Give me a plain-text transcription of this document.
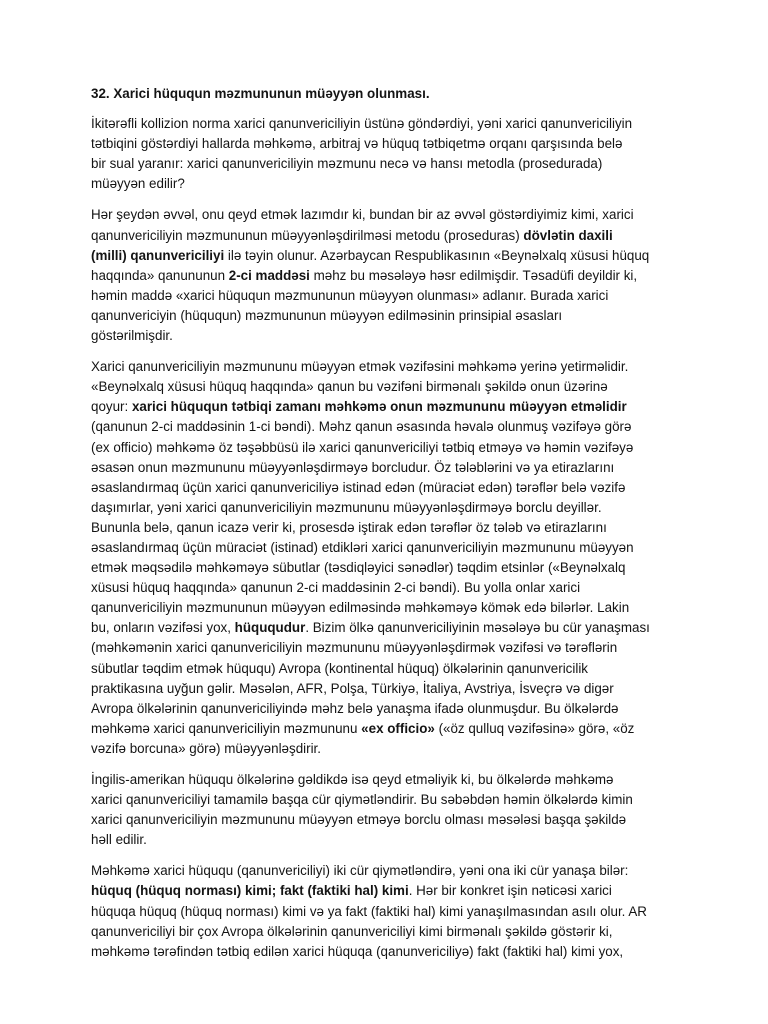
32. Xarici hüququn məzmununun müəyyən olunması.
İkitərəfli kollizion norma xarici qanunvericiliyin üstünə göndərdiyi, yəni xarici qanunvericiliyin
tətbiqini göstərdiyi hallarda məhkəmə, arbitraj və hüquq tətbiqetmə orqanı qarşısında belə
bir sual yaranır: xarici qanunvericiliyin məzmunu necə və hansı metodla (prosedurada)
müəyyən edilir?
Hər şeydən əvvəl, onu qeyd etmək lazımdır ki, bundan bir az əvvəl göstərdiyimiz kimi, xarici
qanunvericiliyin məzmununun müəyyənləşdirilməsi metodu (proseduras) dövlətin daxili
(milli) qanunvericiliyi ilə təyin olunur. Azərbaycan Respublikasının «Beynəlxalq xüsusi hüquq
haqqında» qanununun 2-ci maddəsi məhz bu məsələyə həsr edilmişdir. Təsadüfi deyildir ki,
həmin maddə «xarici hüququn məzmununun müəyyən olunması» adlanır. Burada xarici
qanunvericiyin (hüququn) məzmununun müəyyən edilməsinin prinsipial əsasları
göstərilmişdir.
Xarici qanunvericiliyin məzmununu müəyyən etmək vəzifəsini məhkəmə yerinə yetirməlidir.
«Beynəlxalq xüsusi hüquq haqqında» qanun bu vəzifəni birmənalı şəkildə onun üzərinə
qoyur: xarici hüququn tətbiqi zamanı məhkəmə onun məzmununu müəyyən etməlidir
(qanunun 2-ci maddəsinin 1-ci bəndi). Məhz qanun əsasında həvalə olunmuş vəzifəyə görə
(ex officio) məhkəmə öz təşəbbüsü ilə xarici qanunvericiliyi tətbiq etməyə və həmin vəzifəyə
əsasən onun məzmununu müəyyənləşdirməyə borcludur. Öz tələblərini və ya etirazlarını
əsaslandırmaq üçün xarici qanunvericiliyə istinad edən (müraciət edən) tərəflər belə vəzifə
daşımırlar, yəni xarici qanunvericiliyin məzmununu müəyyənləşdirməyə borclu deyillər.
Bununla belə, qanun icazə verir ki, prosesdə iştirak edən tərəflər öz tələb və etirazlarını
əsaslandırmaq üçün müraciət (istinad) etdikləri xarici qanunvericiliyin məzmununu müəyyən
etmək məqsədilə məhkəməyə sübutlar (təsdiqləyici sənədlər) təqdim etsinlər («Beynəlxalq
xüsusi hüquq haqqında» qanunun 2-ci maddəsinin 2-ci bəndi). Bu yolla onlar xarici
qanunvericiliyin məzmununun müəyyən edilməsində məhkəməyə kömək edə bilərlər. Lakin
bu, onların vəzifəsi yox, hüququdur. Bizim ölkə qanunvericiliyinin məsələyə bu cür yanaşması
(məhkəmənin xarici qanunvericiliyin məzmununu müəyyənləşdirmək vəzifəsi və tərəflərin
sübutlar təqdim etmək hüququ) Avropa (kontinental hüquq) ölkələrinin qanunvericilik
praktikasına uyğun gəlir. Məsələn, AFR, Polşa, Türkiyə, İtaliya, Avstriya, İsveçrə və digər
Avropa ölkələrinin qanunvericiliyində məhz belə yanaşma ifadə olunmuşdur. Bu ölkələrdə
məhkəmə xarici qanunvericiliyin məzmununu «ex officio» («öz qulluq vəzifəsinə» görə, «öz
vəzifə borcuna» görə) müəyyənləşdirir.
İngilis-amerikan hüququ ölkələrinə gəldikdə isə qeyd etməliyik ki, bu ölkələrdə məhkəmə
xarici qanunvericiliyi tamamilə başqa cür qiymətləndirir. Bu səbəbdən həmin ölkələrdə kimin
xarici qanunvericiliyin məzmununu müəyyən etməyə borclu olması məsələsi başqa şəkildə
həll edilir.
Məhkəmə xarici hüququ (qanunvericiliyi) iki cür qiymətləndirə, yəni ona iki cür yanaşa bilər:
hüquq (hüquq norması) kimi; fakt (faktiki hal) kimi. Hər bir konkret işin nəticəsi xarici
hüquqa hüquq (hüquq norması) kimi və ya fakt (faktiki hal) kimi yanaşılmasından asılı olur. AR
qanunvericiliyi bir çox Avropa ölkələrinin qanunvericiliyi kimi birmənalı şəkildə göstərir ki,
məhkəmə tərəfindən tətbiq edilən xarici hüquqa (qanunvericiliyə) fakt (faktiki hal) kimi yox,
